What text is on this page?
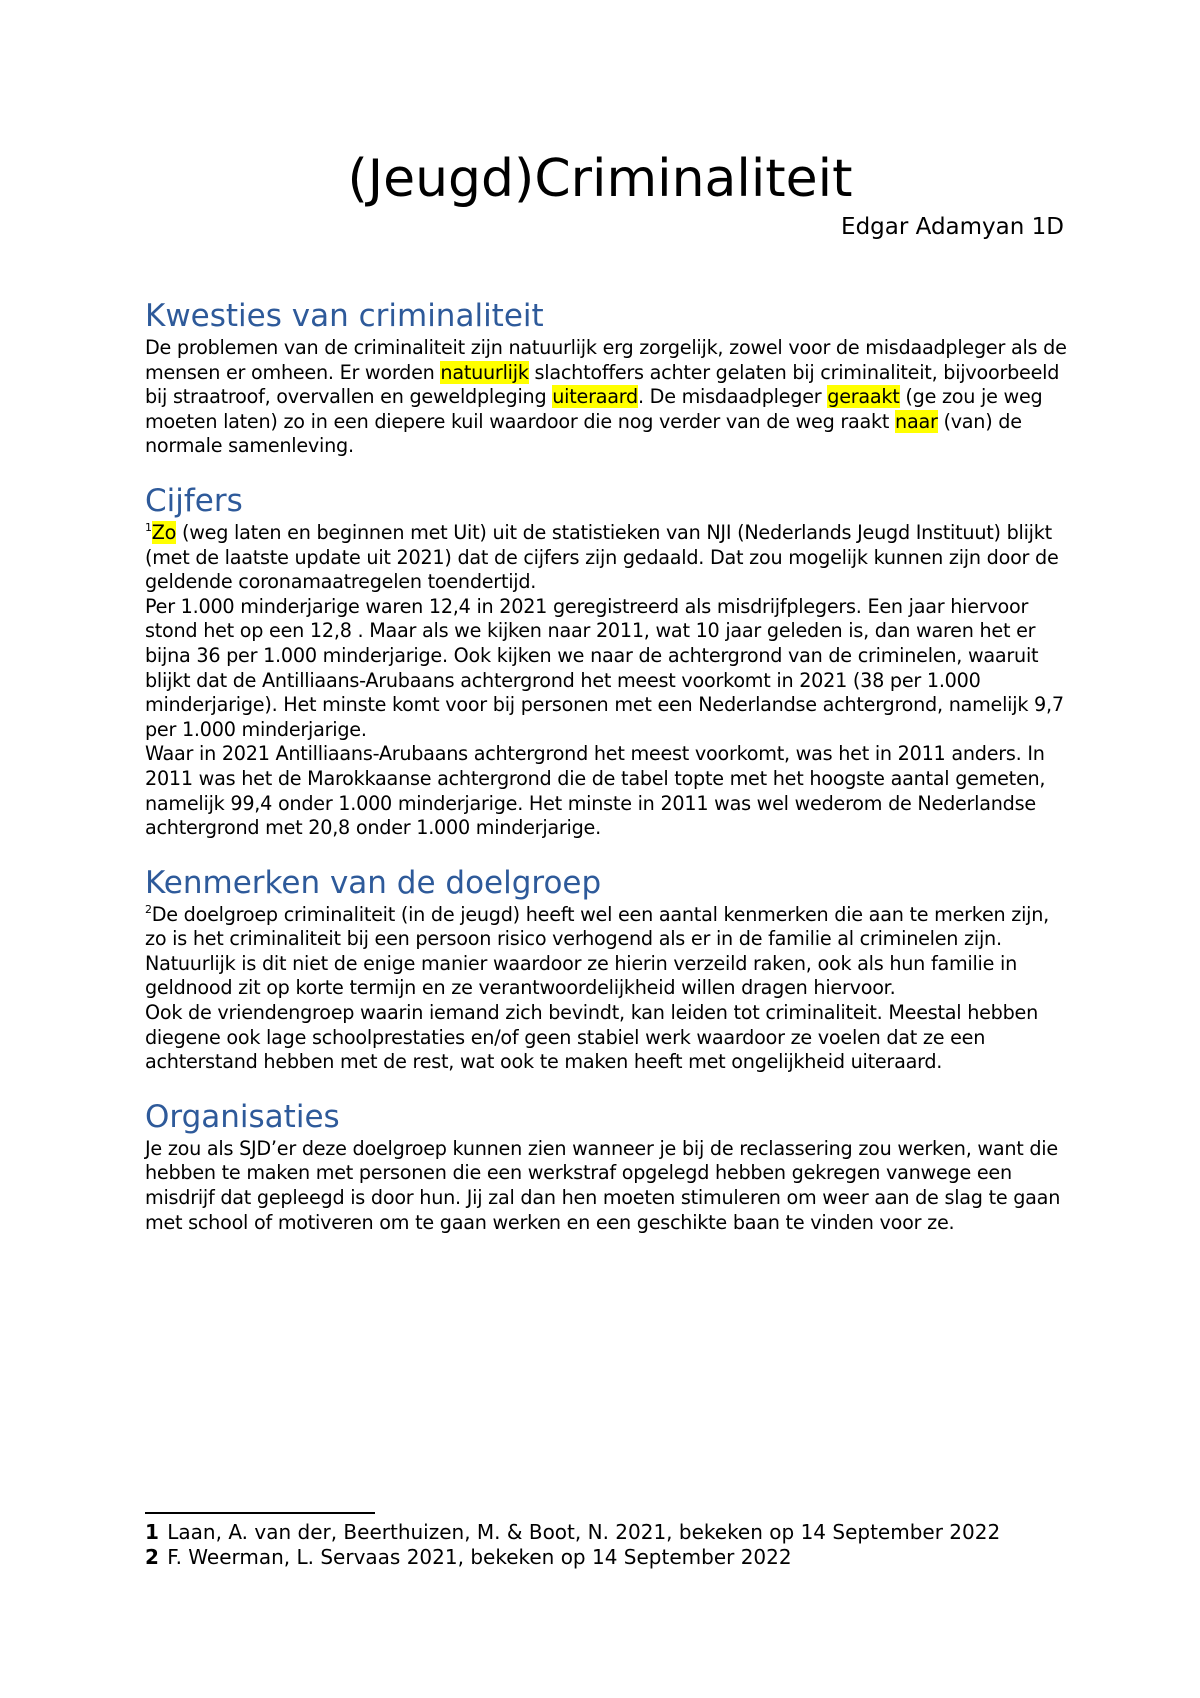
(Jeugd)Criminaliteit

Edgar Adamyan 1D

Kwesties van criminaliteit

De problemen van de criminaliteit zijn natuurlijk erg zorgelijk, zowel voor de misdaadpleger als de mensen er omheen. Er worden natuurlijk slachtoffers achter gelaten bij criminaliteit, bijvoorbeeld bij straatroof, overvallen en geweldpleging uiteraard. De misdaadpleger geraakt (ge zou je weg moeten laten) zo in een diepere kuil waardoor die nog verder van de weg raakt naar (van) de normale samenleving.

Cijfers

$^1$Zo (weg laten en beginnen met Uit) uit de statistieken van NJI (Nederlands Jeugd Instituut) blijkt (met de laatste update uit 2021) dat de cijfers zijn gedaald. Dat zou mogelijk kunnen zijn door de geldende coronamaatregelen toendertijd.

Per 1.000 minderjarige waren 12,4 in 2021 geregistreerd als misdrijfplegers. Een jaar hiervoor stond het op een 12,8 . Maar als we kijken naar 2011, wat 10 jaar geleden is, dan waren het er bijna 36 per 1.000 minderjarige. Ook kijken we naar de achtergrond van de criminelen, waaruit blijkt dat de Antilliaans-Arubaans achtergrond het meest voorkomt in 2021 (38 per 1.000 minderjarige). Het minste komt voor bij personen met een Nederlandse achtergrond, namelijk 9,7 per 1.000 minderjarige.

Waar in 2021 Antilliaans-Arubaans achtergrond het meest voorkomt, was het in 2011 anders. In 2011 was het de Marokkaanse achtergrond die de tabel topte met het hoogste aantal gemeten, namelijk 99,4 onder 1.000 minderjarige. Het minste in 2011 was wel wederom de Nederlandse achtergrond met 20,8 onder 1.000 minderjarige.

Kenmerken van de doelgroep

$^2$De doelgroep criminaliteit (in de jeugd) heeft wel een aantal kenmerken die aan te merken zijn, zo is het criminaliteit bij een persoon risico verhogend als er in de familie al criminelen zijn. Natuurlijk is dit niet de enige manier waardoor ze hierin verzeild raken, ook als hun familie in geldnood zit op korte termijn en ze verantwoordelijkheid willen dragen hiervoor.

Ook de vriendengroep waarin iemand zich bevindt, kan leiden tot criminaliteit. Meestal hebben diegene ook lage schoolprestaties en/of geen stabiel werk waardoor ze voelen dat ze een achterstand hebben met de rest, wat ook te maken heeft met ongelijkheid uiteraard.

Organisaties

Je zou als SJD’er deze doelgroep kunnen zien wanneer je bij de reclassering zou werken, want die hebben te maken met personen die een werkstraf opgelegd hebben gekregen vanwege een misdrijf dat gepleegd is door hun. Jij zal dan hen moeten stimuleren om weer aan de slag te gaan met school of motiveren om te gaan werken en een geschikte baan te vinden voor ze.

1 Laan, A. van der, Beerthuizen, M. & Boot, N. 2021, bekeken op 14 September 2022

2 F. Weerman, L. Servaas 2021, bekeken op 14 September 2022
